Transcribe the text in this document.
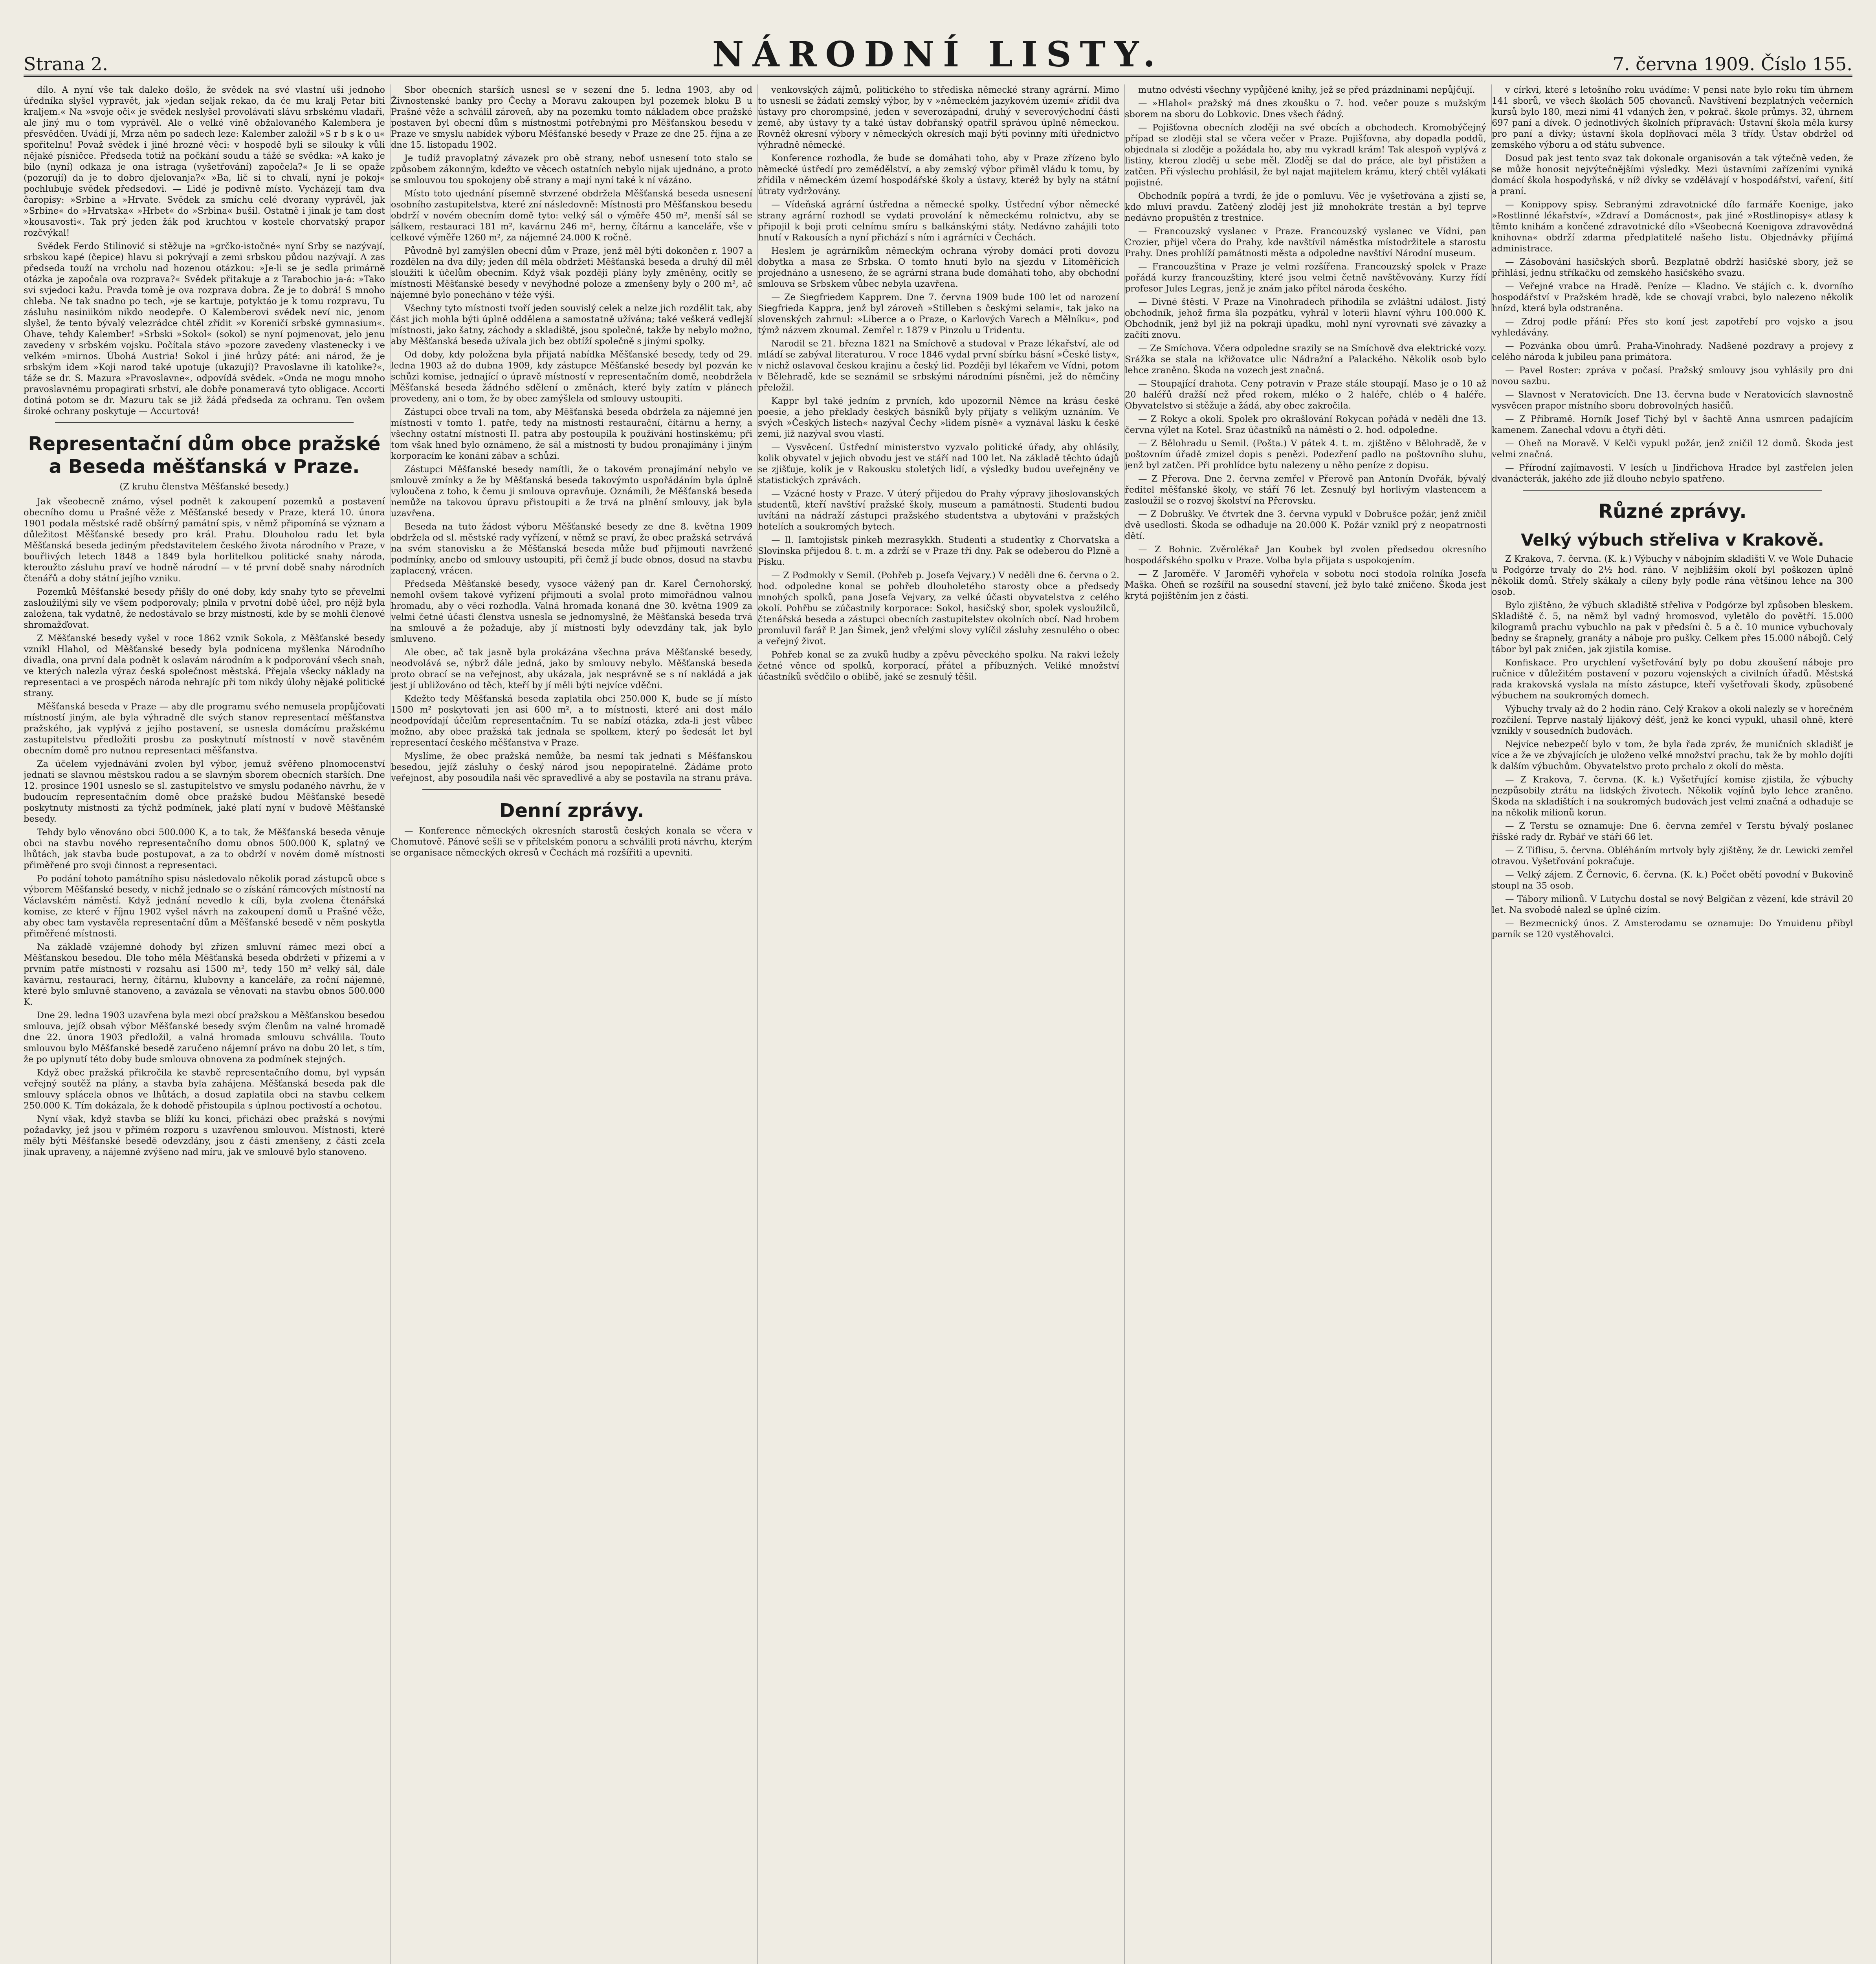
Strana 2.	NÁRODNÍ LISTY.	7. června 1909. Číslo 155.

dílo. A nyní vše tak daleko došlo, že svědek na své vlastní uši jednoho úředníka slyšel vypravět, jak »jedan seljak rekao, da će mu kralj Petar biti kraljem.« Na »svoje oči« je svědek neslyšel provolávati slávu srbskému vladaři, ale jiný mu o tom vyprávěl. Ale o velké vině obžalovaného Kalembera je přesvědčen. Uvádí jí, Mrza něm po sadech leze: Kalember založil »S r b s k o u« spořitelnu! Považ svědek i jiné hrozné věci: v hospodě byli se silouky k vůli nějaké písničce. Předseda totiž na počkání soudu a tážé se svědka: »A kako je bilo (nyní) odkaza je ona istraga (vyšetřování) započela?« Je li se opaže (pozorují) da je to dobro djelovanja?« »Ba, lič si to chvalí, nyní je pokoj« pochlubuje svědek předsedovi. — Lidé je podivně místo. Vycházejí tam dva čaropisy: »Srbine a »Hrvate. Svědek za smíchu celé dvorany vyprávěl, jak »Srbine« do »Hrvatska« »Hrbet« do »Srbina« bušil. Ostatně i jinak je tam dost »kousavosti«. Tak prý jeden žák pod kruchtou v kostele chorvatský prapor rozčvýkal!

Svědek Ferdo Stilinović si stěžuje na »grčko-istočné« nyní Srby se nazývají, srbskou kapé (čepice) hlavu si pokrývají a zemi srbskou půdou nazývají. A zas předseda touží na vrcholu nad hozenou otázkou: »Je-li se je sedla primárně otázka je započala ova rozprava?« Svědek přitakuje a z Tarabochio ja-á: »Tako svi svjedoci kažu. Pravda tomě je ova rozprava dobra. Že je to dobrá! S mnoho chleba. Ne tak snadno po tech, »je se kartuje, potyktáo je k tomu rozpravu, Tu zásluhu nasiniikóm nikdo neodepře. O Kalemberovi svědek neví nic, jenom slyšel, že tento bývalý velezrádce chtěl zřídit »v Koreničí srbské gymnasium«. Ohave, tehdy Kalember! »Srbski »Sokol« (sokol) se nyní pojmenovat, jelo jenu zavedeny v srbském vojsku. Počítala stávo »pozore zavedeny vlastenecky i ve velkém »mirnos. Úbohá Austria! Sokol i jiné hrůzy páté: ani národ, že je srbským idem »Koji narod také upotuje (ukazují)? Pravoslavne ili katolike?«, táže se dr. S. Mazura »Pravoslavne«, odpovídá svědek. »Onda ne mogu mnoho pravoslavnému propagirati srbství, ale dobře ponameravá tyto obligace. Accorti dotiná potom se dr. Mazuru tak se již žádá předseda za ochranu. Ten ovšem široké ochrany poskytuje — Accurtová!

Representační dům obce pražské a Beseda měšťanská v Praze.
(Z kruhu členstva Měšťanské besedy.)

Jak všeobecně známo, výsel podnět k zakoupení pozemků a postavení obecního domu u Prašné věže z Měšťanské besedy v Praze, která 10. února 1901 podala městské radě obšírný památní spis, v němž připomíná se význam a důležitost Měšťanské besedy pro král. Prahu. Dlouholou radu let byla Měšťanská beseda jediným představitelem českého života národního v Praze, v bouřlivých letech 1848 a 1849 byla horlitelkou politické snahy národa, kteroužto zásluhu praví ve hodně národní — v té první době snahy národních čtenářů a doby státní jejího vzniku.

Pozemků Měšťanské besedy přišly do oné doby, kdy snahy tyto se převelmi zasloužilými sily ve všem podporovaly; plnila v prvotní době účel, pro nějž byla založena, tak vydatně, že nedostávalo se brzy místností, kde by se mohli členové shromažďovat.

Z Měšťanské besedy vyšel v roce 1862 vznik Sokola, z Měšťanské besedy vznikl Hlahol, od Měšťanské besedy byla podnícena myšlenka Národního divadla, ona první dala podnět k oslavám národním a k podporování všech snah, ve kterých nalezla výraz česká společnost městská. Přejala všecky náklady na representaci a ve prospěch národa nehrajíc při tom nikdy úlohy nějaké politické strany.

Měšťanská beseda v Praze — aby dle programu svého nemusela propůjčovati místností jiným, ale byla výhradně dle svých stanov representací měšťanstva pražského, jak vyplývá z jejího postavení, se usnesla domácímu pražskému zastupitelstvu předložiti prosbu za poskytnutí místností v nově stavěném obecním domě pro nutnou representaci měšťanstva.

Za účelem vyjednávání zvolen byl výbor, jemuž svěřeno plnomocenství jednati se slavnou městskou radou a se slavným sborem obecních starších. Dne 12. prosince 1901 usneslo se sl. zastupitelstvo ve smyslu podaného návrhu, že v budoucím representačním domě obce pražské budou Měšťanské besedě poskytnuty místnosti za týchž podmínek, jaké platí nyní v budově Měšťanské besedy.

Tehdy bylo věnováno obci 500.000 K, a to tak, že Měšťanská beseda věnuje obci na stavbu nového representačního domu obnos 500.000 K, splatný ve lhůtách, jak stavba bude postupovat, a za to obdrží v novém domě místnosti přiměřené pro svoji činnost a representaci.

Po podání tohoto památního spisu následovalo několik porad zástupců obce s výborem Měšťanské besedy, v nichž jednalo se o získání rámcových místností na Václavském náměstí. Když jednání nevedlo k cíli, byla zvolena čtenářská komise, ze které v říjnu 1902 vyšel návrh na zakoupení domů u Prašné věže, aby obec tam vystavěla representační dům a Měšťanské besedě v něm poskytla přiměřené místnosti.

Na základě vzájemné dohody byl zřízen smluvní rámec mezi obcí a Měšťanskou besedou. Dle toho měla Měšťanská beseda obdržeti v přízemí a v prvním patře místnosti v rozsahu asi 1500 m², tedy 150 m² velký sál, dále kavárnu, restauraci, herny, čítárnu, klubovny a kanceláře, za roční nájemné, které bylo smluvně stanoveno, a zavázala se věnovati na stavbu obnos 500.000 K.

Dne 29. ledna 1903 uzavřena byla mezi obcí pražskou a Měšťanskou besedou smlouva, jejíž obsah výbor Měšťanské besedy svým členům na valné hromadě dne 22. února 1903 předložil, a valná hromada smlouvu schválila. Touto smlouvou bylo Měšťanské besedě zaručeno nájemní právo na dobu 20 let, s tím, že po uplynutí této doby bude smlouva obnovena za podmínek stejných.

Když obec pražská přikročila ke stavbě representačního domu, byl vypsán veřejný soutěž na plány, a stavba byla zahájena. Měšťanská beseda pak dle smlouvy splácela obnos ve lhůtách, a dosud zaplatila obci na stavbu celkem 250.000 K. Tím dokázala, že k dohodě přistoupila s úplnou poctivostí a ochotou.

Nyní však, když stavba se blíží ku konci, přichází obec pražská s novými požadavky, jež jsou v přímém rozporu s uzavřenou smlouvou. Místnosti, které měly býti Měšťanské besedě odevzdány, jsou z části zmenšeny, z části zcela jinak upraveny, a nájemné zvýšeno nad míru, jak ve smlouvě bylo stanoveno.

Sbor obecních starších usnesl se v sezení dne 5. ledna 1903, aby od Živnostenské banky pro Čechy a Moravu zakoupen byl pozemek bloku B u Prašné věže a schválil zároveň, aby na pozemku tomto nákladem obce pražské postaven byl obecní dům s místnostmi potřebnými pro Měšťanskou besedu v Praze ve smyslu nabídek výboru Měšťanské besedy v Praze ze dne 25. října a ze dne 15. listopadu 1902.

Je tudíž pravoplatný závazek pro obě strany, neboť usnesení toto stalo se způsobem zákonným, kdežto ve věcech ostatních nebylo nijak ujednáno, a proto se smlouvou tou spokojeny obě strany a mají nyní také k ní vázáno.

Místo toto ujednání písemně stvrzené obdržela Měšťanská beseda usnesení osobního zastupitelstva, které zní následovně: Místnosti pro Měšťanskou besedu obdrží v novém obecním domě tyto: velký sál o výměře 450 m², menší sál se sálkem, restauraci 181 m², kavárnu 246 m², herny, čítárnu a kanceláře, vše v celkové výměře 1260 m², za nájemné 24.000 K ročně.

Původně byl zamýšlen obecní dům v Praze, jenž měl býti dokončen r. 1907 a rozdělen na dva díly; jeden díl měla obdržeti Měšťanská beseda a druhý díl měl sloužiti k účelům obecním. Když však později plány byly změněny, ocitly se místnosti Měšťanské besedy v nevýhodné poloze a zmenšeny byly o 200 m², ač nájemné bylo ponecháno v téže výši.

Všechny tyto místnosti tvoří jeden souvislý celek a nelze jich rozdělit tak, aby část jich mohla býti úplně oddělena a samostatně užívána; také veškerá vedlejší místnosti, jako šatny, záchody a skladiště, jsou společné, takže by nebylo možno, aby Měšťanská beseda užívala jich bez obtíží společně s jinými spolky.

Od doby, kdy položena byla přijatá nabídka Měšťanské besedy, tedy od 29. ledna 1903 až do dubna 1909, kdy zástupce Měšťanské besedy byl pozván ke schůzi komise, jednající o úpravě místností v representačním domě, neobdržela Měšťanská beseda žádného sdělení o změnách, které byly zatím v plánech provedeny, ani o tom, že by obec zamýšlela od smlouvy ustoupiti.

Zástupci obce trvali na tom, aby Měšťanská beseda obdržela za nájemné jen místnosti v tomto 1. patře, tedy na místnosti restaurační, čítárnu a herny, a všechny ostatní místnosti II. patra aby postoupila k používání hostinskému; při tom však hned bylo oznámeno, že sál a místnosti ty budou pronajímány i jiným korporacím ke konání zábav a schůzí.

Zástupci Měšťanské besedy namítli, že o takovém pronajímání nebylo ve smlouvě zmínky a že by Měšťanská beseda takovýmto uspořádáním byla úplně vyloučena z toho, k čemu ji smlouva opravňuje. Oznámili, že Měšťanská beseda nemůže na takovou úpravu přistoupiti a že trvá na plnění smlouvy, jak byla uzavřena.

Beseda na tuto žádost výboru Měšťanské besedy ze dne 8. května 1909 obdržela od sl. městské rady vyřízení, v němž se praví, že obec pražská setrvává na svém stanovisku a že Měšťanská beseda může buď přijmouti navržené podmínky, anebo od smlouvy ustoupiti, při čemž jí bude obnos, dosud na stavbu zaplacený, vrácen.

Předseda Měšťanské besedy, vysoce vážený pan dr. Karel Černohorský, nemohl ovšem takové vyřízení přijmouti a svolal proto mimořádnou valnou hromadu, aby o věci rozhodla. Valná hromada konaná dne 30. května 1909 za velmi četné účasti členstva usnesla se jednomyslně, že Měšťanská beseda trvá na smlouvě a že požaduje, aby jí místnosti byly odevzdány tak, jak bylo smluveno.

Ale obec, ač tak jasně byla prokázána všechna práva Měšťanské besedy, neodvolává se, nýbrž dále jedná, jako by smlouvy nebylo. Měšťanská beseda proto obrací se na veřejnost, aby ukázala, jak nesprávně se s ní nakládá a jak jest jí ubližováno od těch, kteří by jí měli býti nejvíce vděčni.

Kdežto tedy Měšťanská beseda zaplatila obci 250.000 K, bude se jí místo 1500 m² poskytovati jen asi 600 m², a to místnosti, které ani dost málo neodpovídají účelům representačním. Tu se nabízí otázka, zda-li jest vůbec možno, aby obec pražská tak jednala se spolkem, který po šedesát let byl representací českého měšťanstva v Praze.

Myslíme, že obec pražská nemůže, ba nesmí tak jednati s Měšťanskou besedou, jejíž zásluhy o český národ jsou nepopiratelné. Žádáme proto veřejnost, aby posoudila naši věc spravedlivě a aby se postavila na stranu práva.

Denní zprávy.

— Konference německých okresních starostů českých konala se včera v Chomutově. Pánové sešli se v přítelském ponoru a schválili proti návrhu, kterým se organisace německých okresů v Čechách má rozšířiti a upevniti.

venkovských zájmů, politického to střediska německé strany agrární. Mimo to usnesli se žádati zemský výbor, by v »německém jazykovém území« zřídil dva ústavy pro chorompsiné, jeden v severozápadní, druhý v severovýchodní části země, aby ústavy ty a také ústav dobřanský opatřil správou úplně německou. Rovněž okresní výbory v německých okresích mají býti povinny míti úřednictvo výhradně německé.

Konference rozhodla, že bude se domáhati toho, aby v Praze zřízeno bylo německé ústředí pro zemědělství, a aby zemský výbor přiměl vládu k tomu, by zřídila v německém území hospodářské školy a ústavy, kteréž by byly na státní útraty vydržovány.

— Vídeňská agrární ústředna a německé spolky. Ústřední výbor německé strany agrární rozhodl se vydati provolání k německému rolnictvu, aby se připojil k boji proti celnímu smíru s balkánskými státy. Nedávno zahájili toto hnutí v Rakousích a nyní přichází s ním i agrárníci v Čechách.

Heslem je agrárníkům německým ochrana výroby domácí proti dovozu dobytka a masa ze Srbska. O tomto hnutí bylo na sjezdu v Litoměřicích projednáno a usneseno, že se agrární strana bude domáhati toho, aby obchodní smlouva se Srbskem vůbec nebyla uzavřena.

— Ze Siegfriedem Kapprem. Dne 7. června 1909 bude 100 let od narození Siegfrieda Kappra, jenž byl zároveň »Stilleben s českými selami«, tak jako na slovenských zahrnul: »Liberce a o Praze, o Karlových Varech a Mělníku«, pod týmž názvem zkoumal. Zemřel r. 1879 v Pinzolu u Tridentu.

Narodil se 21. března 1821 na Smíchově a studoval v Praze lékařství, ale od mládí se zabýval literaturou. V roce 1846 vydal první sbírku básní »České listy«, v nichž oslavoval českou krajinu a český lid. Později byl lékařem ve Vídni, potom v Bělehradě, kde se seznámil se srbskými národními písněmi, jež do němčiny přeložil.

Kappr byl také jedním z prvních, kdo upozornil Němce na krásu české poesie, a jeho překlady českých básníků byly přijaty s velikým uznáním. Ve svých »Českých listech« nazýval Čechy »lidem písně« a vyznával lásku k české zemi, již nazýval svou vlastí.

— Vysvěcení. Ústřední ministerstvo vyzvalo politické úřady, aby ohlásily, kolik obyvatel v jejich obvodu jest ve stáří nad 100 let. Na základě těchto údajů se zjišťuje, kolik je v Rakousku stoletých lidí, a výsledky budou uveřejněny ve statistických zprávách.

— Vzácné hosty v Praze. V úterý přijedou do Prahy výpravy jihoslovanských studentů, kteří navštíví pražské školy, museum a památnosti. Studenti budou uvítáni na nádraží zástupci pražského studentstva a ubytováni v pražských hotelích a soukromých bytech.

— Il. Iamtojistsk pinkeh mezrasykkh. Studenti a studentky z Chorvatska a Slovinska přijedou 8. t. m. a zdrží se v Praze tři dny. Pak se odeberou do Plzně a Písku.

— Z Podmokly v Semil. (Pohřeb p. Josefa Vejvary.) V neděli dne 6. června o 2. hod. odpoledne konal se pohřeb dlouholetého starosty obce a předsedy mnohých spolků, pana Josefa Vejvary, za velké účasti obyvatelstva z celého okolí. Pohřbu se zúčastnily korporace: Sokol, hasičský sbor, spolek vysloužilců, čtenářská beseda a zástupci obecních zastupitelstev okolních obcí. Nad hrobem promluvil farář P. Jan Šimek, jenž vřelými slovy vylíčil zásluhy zesnulého o obec a veřejný život.

Pohřeb konal se za zvuků hudby a zpěvu pěveckého spolku. Na rakvi ležely četné věnce od spolků, korporací, přátel a příbuzných. Veliké množství účastníků svědčilo o oblibě, jaké se zesnulý těšil.

mutno odvésti všechny vypůjčené knihy, jež se před prázdninami nepůjčují.

— »Hlahol« pražský má dnes zkoušku o 7. hod. večer pouze s mužským sborem na sboru do Lobkovic. Dnes všech řádný.

— Pojišťovna obecních zloději na své obcích a obchodech. Kromobýčejný případ se zloději stal se včera večer v Praze. Pojišťovna, aby dopadla poddů, objednala si zloděje a požádala ho, aby mu vykradl krám! Tak alespoň vyplývá z listiny, kterou zloděj u sebe měl. Zloděj se dal do práce, ale byl přistižen a zatčen. Při výslechu prohlásil, že byl najat majitelem krámu, který chtěl vylákati pojistné.

Obchodník popírá a tvrdí, že jde o pomluvu. Věc je vyšetřována a zjistí se, kdo mluví pravdu. Zatčený zloděj jest již mnohokráte trestán a byl teprve nedávno propuštěn z trestnice.

— Francouzský vyslanec v Praze. Francouzský vyslanec ve Vídni, pan Crozier, přijel včera do Prahy, kde navštívil náměstka místodržitele a starostu Prahy. Dnes prohlíží památnosti města a odpoledne navštíví Národní museum.

— Francouzština v Praze je velmi rozšířena. Francouzský spolek v Praze pořádá kurzy francouzštiny, které jsou velmi četně navštěvovány. Kurzy řídí profesor Jules Legras, jenž je znám jako přítel národa českého.

— Divné štěstí. V Praze na Vinohradech přihodila se zvláštní událost. Jistý obchodník, jehož firma šla pozpátku, vyhrál v loterii hlavní výhru 100.000 K. Obchodník, jenž byl již na pokraji úpadku, mohl nyní vyrovnati své závazky a začíti znovu.

— Ze Smíchova. Včera odpoledne srazily se na Smíchově dva elektrické vozy. Srážka se stala na křižovatce ulic Nádražní a Palackého. Několik osob bylo lehce zraněno. Škoda na vozech jest značná.

— Stoupající drahota. Ceny potravin v Praze stále stoupají. Maso je o 10 až 20 haléřů dražší než před rokem, mléko o 2 haléře, chléb o 4 haléře. Obyvatelstvo si stěžuje a žádá, aby obec zakročila.

— Z Rokyc a okolí. Spolek pro okrašlování Rokycan pořádá v neděli dne 13. června výlet na Kotel. Sraz účastníků na náměstí o 2. hod. odpoledne.

— Z Bělohradu u Semil. (Pošta.) V pátek 4. t. m. zjištěno v Bělohradě, že v poštovním úřadě zmizel dopis s penězi. Podezření padlo na poštovního sluhu, jenž byl zatčen. Při prohlídce bytu nalezeny u něho peníze z dopisu.

— Z Přerova. Dne 2. června zemřel v Přerově pan Antonín Dvořák, bývalý ředitel měšťanské školy, ve stáří 76 let. Zesnulý byl horlivým vlastencem a zasloužil se o rozvoj školství na Přerovsku.

— Z Dobrušky. Ve čtvrtek dne 3. června vypukl v Dobrušce požár, jenž zničil dvě usedlosti. Škoda se odhaduje na 20.000 K. Požár vznikl prý z neopatrnosti dětí.

— Z Bohnic. Zvěrolékař Jan Koubek byl zvolen předsedou okresního hospodářského spolku v Praze. Volba byla přijata s uspokojením.

— Z Jaroměře. V Jaroměři vyhořela v sobotu noci stodola rolníka Josefa Maška. Oheň se rozšířil na sousední stavení, jež bylo také zničeno. Škoda jest krytá pojištěním jen z části.

v církvi, které s letošního roku uvádíme: V pensi nate bylo roku tím úhrnem 141 sborů, ve všech školách 505 chovanců. Navštívení bezplatných večerních kursů bylo 180, mezi nimi 41 vdaných žen, v pokrač. škole průmys. 32, úhrnem 697 paní a dívek. O jednotlivých školních přípravách: Ústavní škola měla kursy pro paní a dívky; ústavní škola doplňovací měla 3 třídy. Ústav obdržel od zemského výboru a od státu subvence.

Dosud pak jest tento svaz tak dokonale organisován a tak výtečně veden, že se může honosit nejvýtečnějšími výsledky. Mezi ústavními zařízeními vyniká domácí škola hospodyňská, v níž dívky se vzdělávají v hospodářství, vaření, šití a praní.

— Konippovy spisy. Sebranými zdravotnické dílo farmáře Koenige, jako »Rostlinné lékařství«, »Zdraví a Domácnost«, pak jiné »Rostlinopisy« atlasy k těmto knihám a končené zdravotnické dílo »Všeobecná Koenigova zdravovědná knihovna« obdrží zdarma předplatitelé našeho listu. Objednávky přijímá administrace.

— Zásobování hasičských sborů. Bezplatně obdrží hasičské sbory, jež se přihlásí, jednu stříkačku od zemského hasičského svazu.

— Veřejné vrabce na Hradě. Peníze — Kladno. Ve stájích c. k. dvorního hospodářství v Pražském hradě, kde se chovají vrabci, bylo nalezeno několik hnízd, která byla odstraněna.

— Zdroj podle přání: Přes sto koní jest zapotřebí pro vojsko a jsou vyhledávány.

— Pozvánka obou úmrů. Praha-Vinohrady. Nadšené pozdravy a projevy z celého národa k jubileu pana primátora.

— Pavel Roster: zpráva v počasí. Pražský smlouvy jsou vyhlásily pro dni novou sazbu.

— Slavnost v Neratovicích. Dne 13. června bude v Neratovicích slavnostně vysvěcen prapor místního sboru dobrovolných hasičů.

— Z Přibramě. Horník Josef Tichý byl v šachtě Anna usmrcen padajícím kamenem. Zanechal vdovu a čtyři děti.

— Oheň na Moravě. V Kelči vypukl požár, jenž zničil 12 domů. Škoda jest velmi značná.

— Přírodní zajímavosti. V lesích u Jindřichova Hradce byl zastřelen jelen dvanácterák, jakého zde již dlouho nebylo spatřeno.

Různé zprávy.
Velký výbuch střeliva v Krakově.

Z Krakova, 7. června. (K. k.) Výbuchy v nábojním skladišti V. ve Wole Duhacie u Podgórze trvaly do 2½ hod. ráno. V nejbližším okolí byl poškozen úplně několik domů. Střely skákaly a cíleny byly podle rána většinou lehce na 300 osob.

Bylo zjištěno, že výbuch skladiště střeliva v Podgórze byl způsoben bleskem. Skladiště č. 5, na němž byl vadný hromosvod, vyletělo do povětří. 15.000 kilogramů prachu vybuchlo na pak v předsíni č. 5 a č. 10 munice vybuchovaly bedny se šrapnely, granáty a náboje pro pušky. Celkem přes 15.000 nábojů. Celý tábor byl pak zničen, jak zjistila komise.

Konfiskace. Pro urychlení vyšetřování byly po dobu zkoušení náboje pro ručnice v důležitém postavení v pozoru vojenských a civilních úřadů. Městská rada krakovská vyslala na místo zástupce, kteří vyšetřovali škody, způsobené výbuchem na soukromých domech.

Výbuchy trvaly až do 2 hodin ráno. Celý Krakov a okolí nalezly se v horečném rozčilení. Teprve nastalý lijákový déšť, jenž ke konci vypukl, uhasil ohně, které vznikly v sousedních budovách.

Nejvíce nebezpečí bylo v tom, že byla řada zpráv, že muničních skladišť je více a že ve zbývajících je uloženo velké množství prachu, tak že by mohlo dojíti k dalším výbuchům. Obyvatelstvo proto prchalo z okolí do města.

— Z Krakova, 7. června. (K. k.) Vyšetřující komise zjistila, že výbuchy nezpůsobily ztrátu na lidských životech. Několik vojínů bylo lehce zraněno. Škoda na skladištích i na soukromých budovách jest velmi značná a odhaduje se na několik milionů korun.

— Z Terstu se oznamuje: Dne 6. června zemřel v Terstu bývalý poslanec říšské rady dr. Rybář ve stáří 66 let.

— Z Tiflisu, 5. června. Obléháním mrtvoly byly zjištěny, že dr. Lewicki zemřel otravou. Vyšetřování pokračuje.

— Velký zájem. Z Černovic, 6. června. (K. k.) Počet obětí povodní v Bukovině stoupl na 35 osob.

— Tábory milionů. V Lutychu dostal se nový Belgičan z vězení, kde strávil 20 let. Na svobodě nalezl se úplně cizím.

— Bezmecnický únos. Z Amsterodamu se oznamuje: Do Ymuidenu přibyl parník se 120 vystěhovalci.
